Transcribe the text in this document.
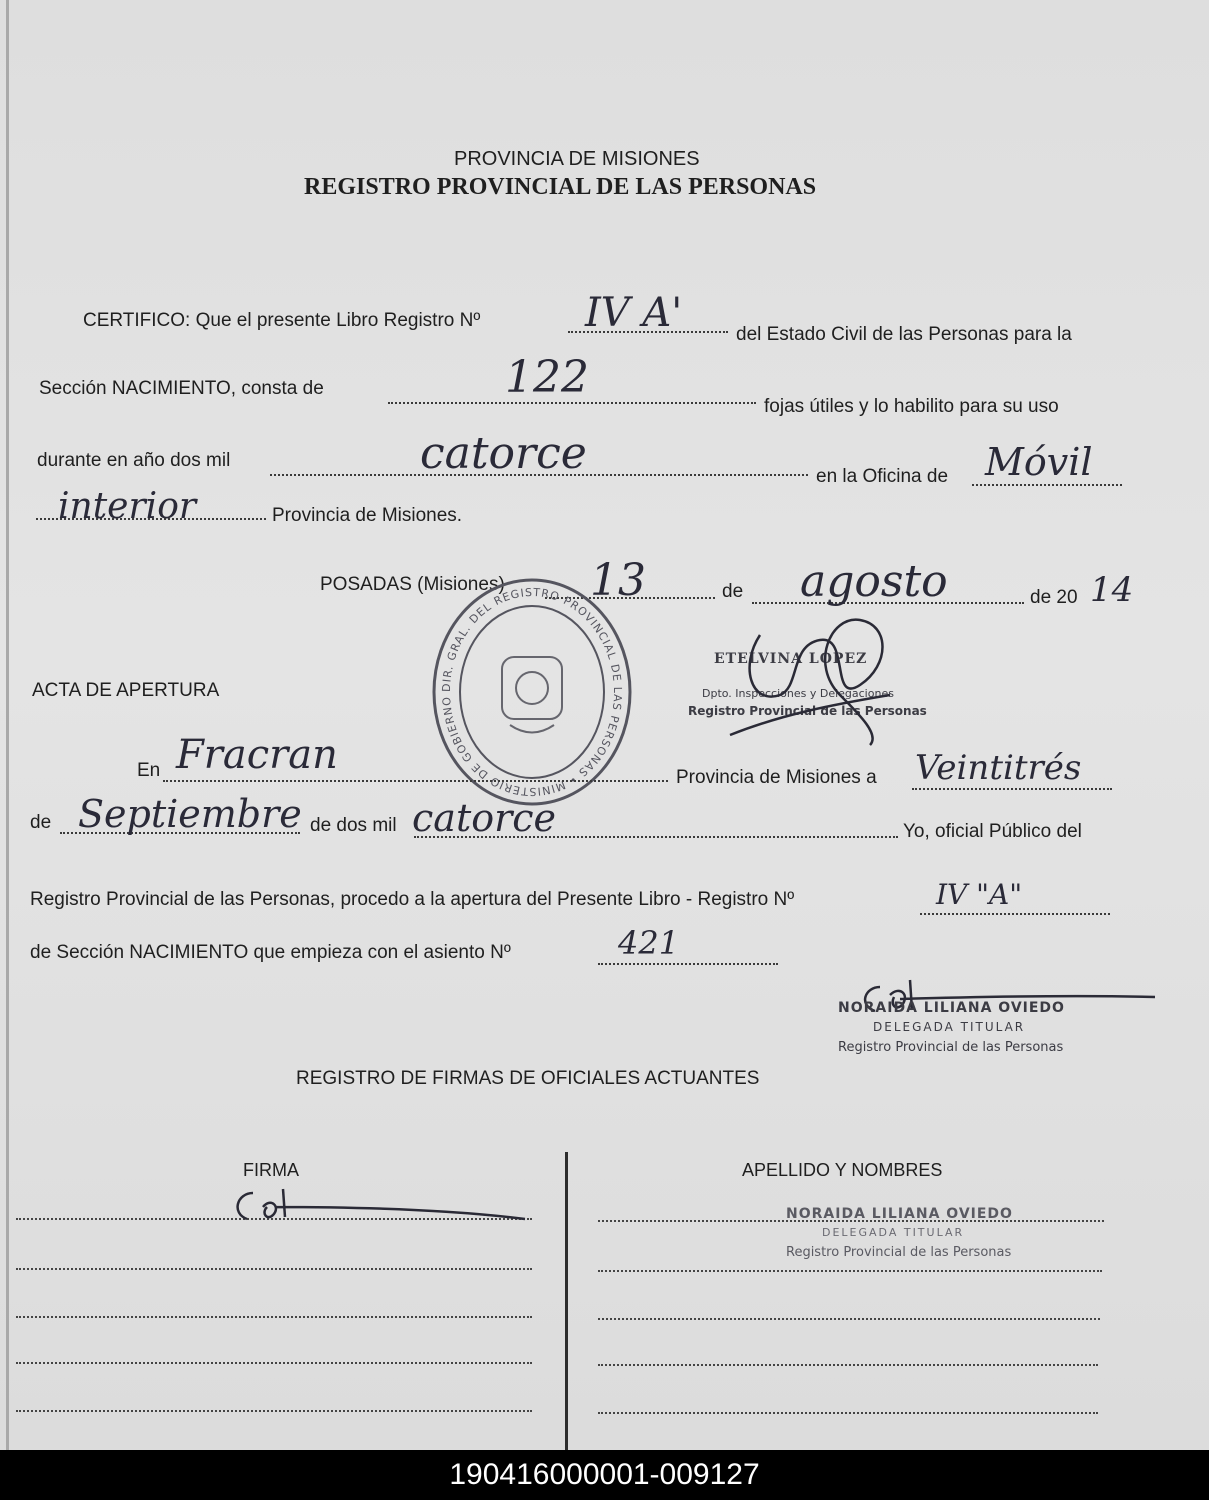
PROVINCIA DE MISIONES
REGISTRO PROVINCIAL DE LAS PERSONAS
CERTIFICO: Que el presente Libro Registro Nº	IV A'	del Estado Civil de las Personas para la
Sección NACIMIENTO, consta de	122
fojas útiles y lo habilito para su uso
durante en año dos mil	catorce	en la Oficina de Móvil
interior	Provincia de Misiones.
POSADAS (Misiones) 13	de agosto	de 20 14
DIR. GRAL. DEL REGISTRO PROVINCIAL DE LAS PERSONAS • MINISTERIO DE GOBIERNO
ETELVINA LOPEZ
Dpto. Inspecciones y Delegaciones
Registro Provincial de las Personas
ACTA DE APERTURA
En Fracran	Provincia de Misiones a Veintitrés
de Septiembre de dos mil catorce	Yo, oficial Público del
Registro Provincial de las Personas, procedo a la apertura del Presente Libro - Registro Nº	IV "A"
de Sección NACIMIENTO que empieza con el asiento Nº	421
NORAIDA LILIANA OVIEDO
DELEGADA TITULAR
Registro Provincial de las Personas
REGISTRO DE FIRMAS DE OFICIALES ACTUANTES
FIRMA	APELLIDO Y NOMBRES
NORAIDA LILIANA OVIEDO
DELEGADA TITULAR
Registro Provincial de las Personas
190416000001-009127
